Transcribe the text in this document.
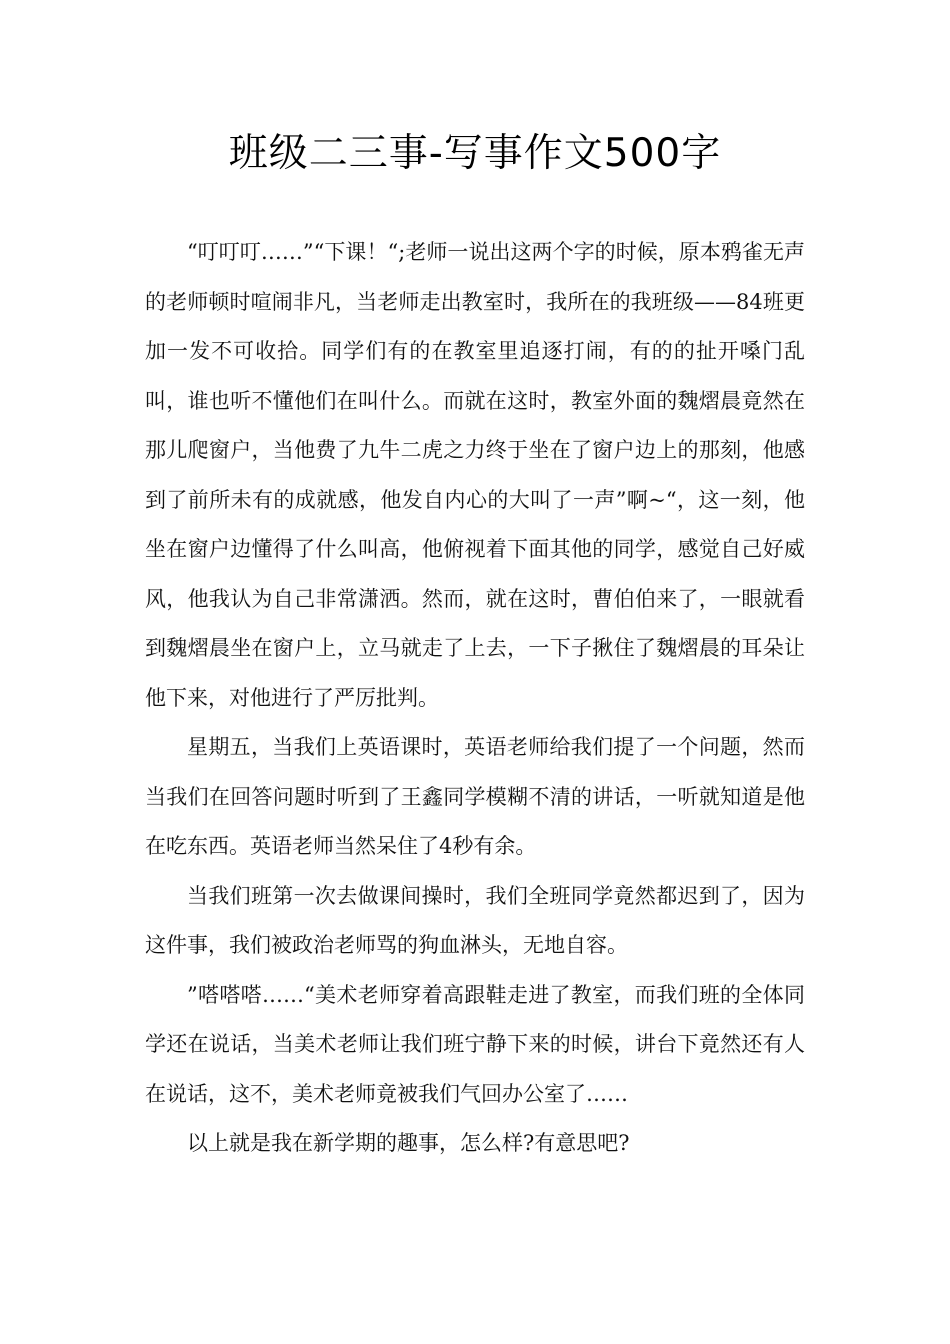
班级二三事-写事作文500字

“叮叮叮……”“下课！“;老师一说出这两个字的时候，原本鸦雀无声的老师顿时喧闹非凡，当老师走出教室时，我所在的我班级——84班更加一发不可收拾。同学们有的在教室里追逐打闹，有的的扯开嗓门乱叫，谁也听不懂他们在叫什么。而就在这时，教室外面的魏熠晨竟然在那儿爬窗户，当他费了九牛二虎之力终于坐在了窗户边上的那刻，他感到了前所未有的成就感，他发自内心的大叫了一声”啊~“，这一刻，他坐在窗户边懂得了什么叫高，他俯视着下面其他的同学，感觉自己好威风，他我认为自己非常潇洒。然而，就在这时，曹伯伯来了，一眼就看到魏熠晨坐在窗户上，立马就走了上去，一下子揪住了魏熠晨的耳朵让他下来，对他进行了严厉批判。

星期五，当我们上英语课时，英语老师给我们提了一个问题，然而当我们在回答问题时听到了王鑫同学模糊不清的讲话，一听就知道是他在吃东西。英语老师当然呆住了4秒有余。

当我们班第一次去做课间操时，我们全班同学竟然都迟到了，因为这件事，我们被政治老师骂的狗血淋头，无地自容。

”嗒嗒嗒……“美术老师穿着高跟鞋走进了教室，而我们班的全体同学还在说话，当美术老师让我们班宁静下来的时候，讲台下竟然还有人在说话，这不，美术老师竟被我们气回办公室了……

以上就是我在新学期的趣事，怎么样?有意思吧?
